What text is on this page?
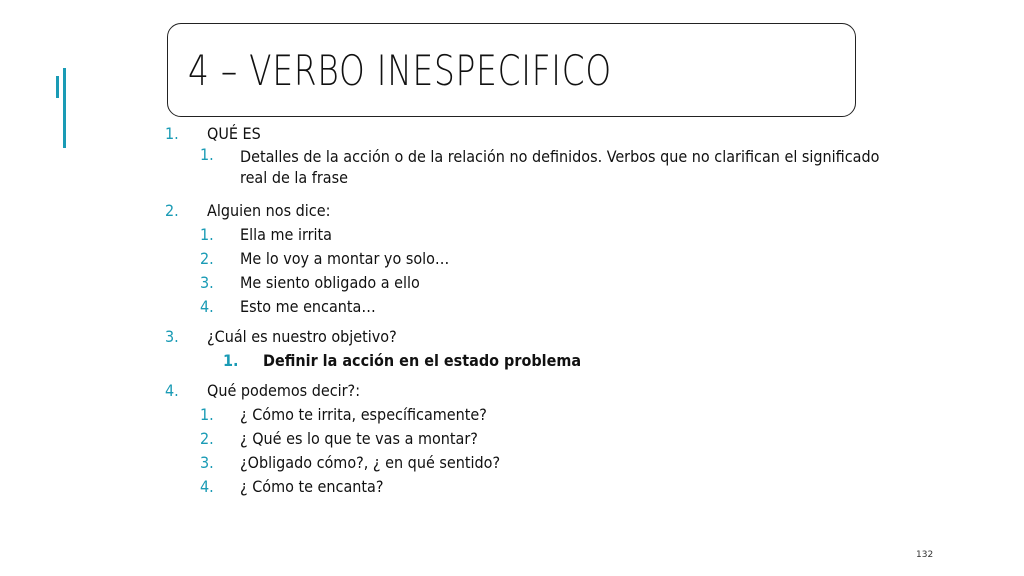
4 – VERBO INESPECIFICO
1.	QUÉ ES
1.	Detalles de la acción o de la relación no definidos. Verbos que no clarifican el significado real de la frase
2.	Alguien nos dice:
1.	Ella me irrita
2.	Me lo voy a montar yo solo…
3.	Me siento obligado a ello
4.	Esto me encanta…
3.	¿Cuál es nuestro objetivo?
1.	Definir la acción en el estado problema
4.	Qué podemos decir?:
1.	¿ Cómo te irrita, específicamente?
2.	¿ Qué es lo que te vas a montar?
3.	¿Obligado cómo?, ¿ en qué sentido?
4.	¿ Cómo te encanta?
132
